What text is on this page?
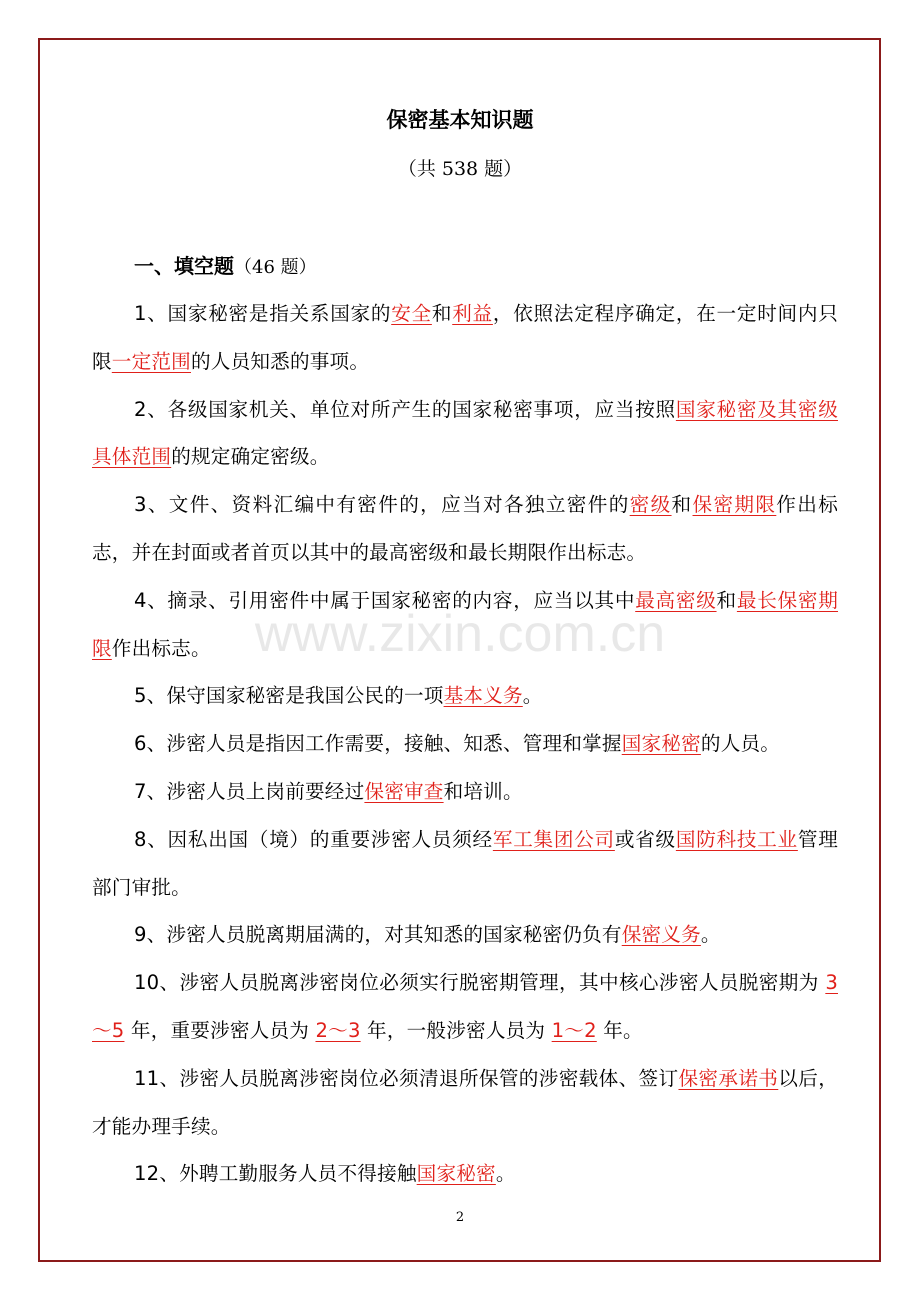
保密基本知识题
（共 538 题）
一、填空题（46 题）

1、国家秘密是指关系国家的安全和利益，依照法定程序确定，在一定时间内只限一定范围的人员知悉的事项。

2、各级国家机关、单位对所产生的国家秘密事项，应当按照国家秘密及其密级具体范围的规定确定密级。

3、文件、资料汇编中有密件的，应当对各独立密件的密级和保密期限作出标志，并在封面或者首页以其中的最高密级和最长期限作出标志。

4、摘录、引用密件中属于国家秘密的内容，应当以其中最高密级和最长保密期限作出标志。

5、保守国家秘密是我国公民的一项基本义务。

6、涉密人员是指因工作需要，接触、知悉、管理和掌握国家秘密的人员。

7、涉密人员上岗前要经过保密审查和培训。

8、因私出国（境）的重要涉密人员须经军工集团公司或省级国防科技工业管理部门审批。

9、涉密人员脱离期届满的，对其知悉的国家秘密仍负有保密义务。

10、涉密人员脱离涉密岗位必须实行脱密期管理，其中核心涉密人员脱密期为 3～5 年，重要涉密人员为 2～3 年，一般涉密人员为 1～2 年。

11、涉密人员脱离涉密岗位必须清退所保管的涉密载体、签订保密承诺书以后，才能办理手续。

12、外聘工勤服务人员不得接触国家秘密。

www.zixin.com.cn
2
